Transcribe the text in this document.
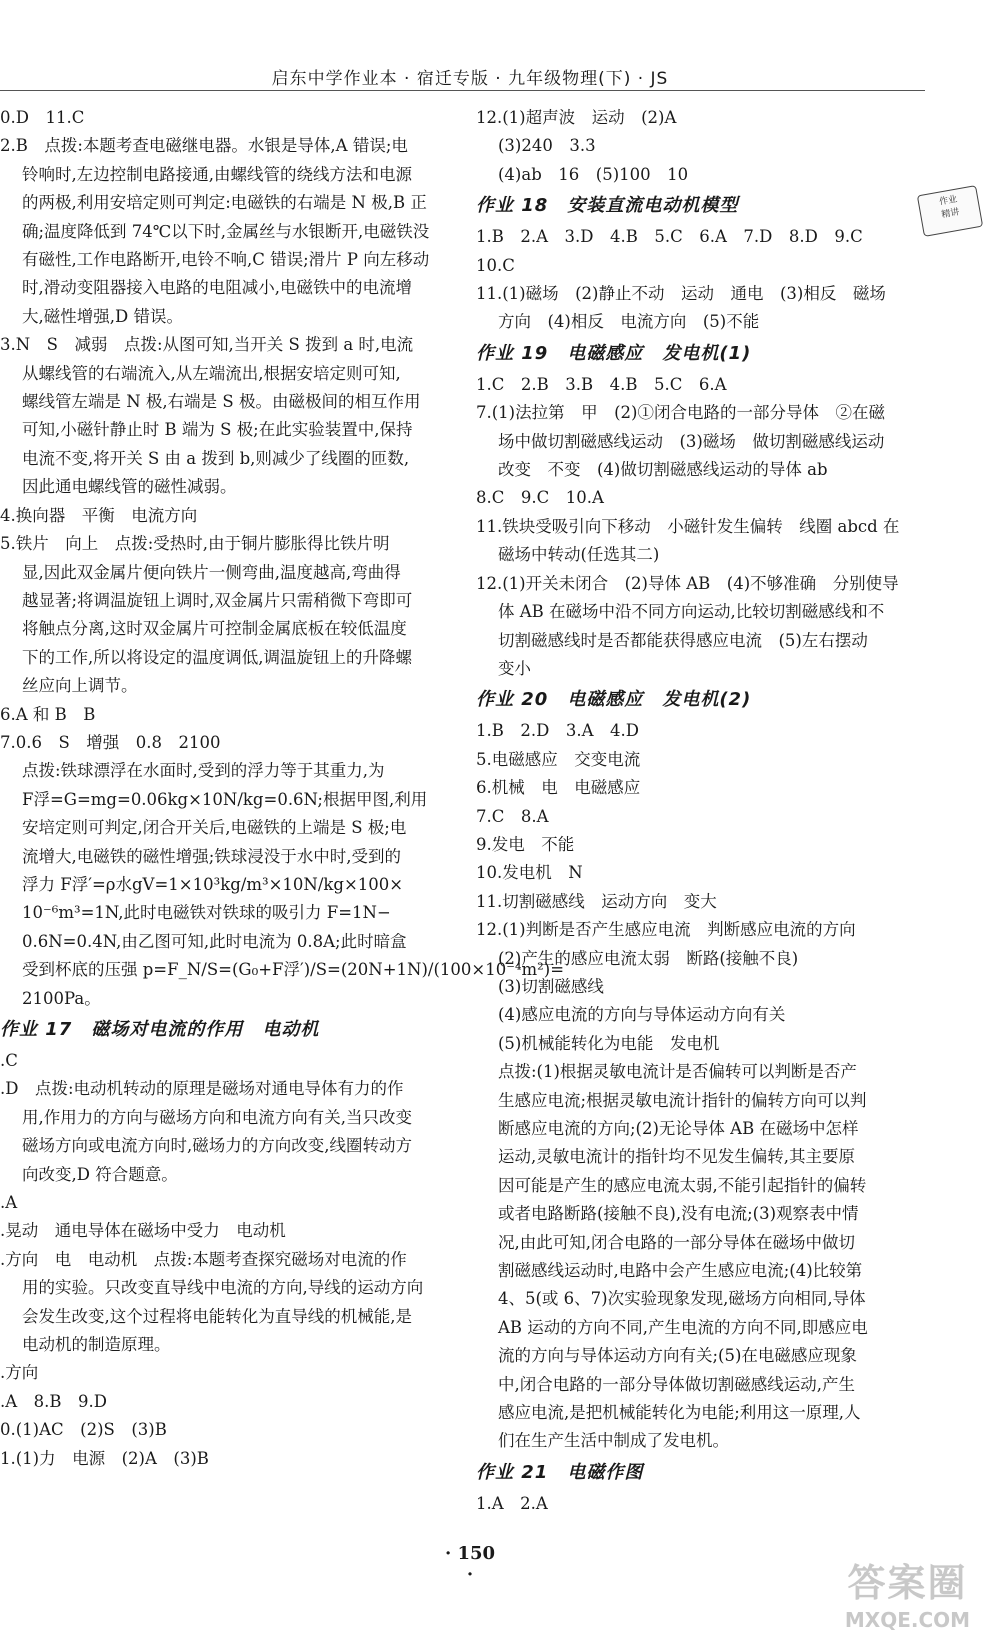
启东中学作业本 · 宿迁专版 · 九年级物理(下) · JS
0.D　11.C
2.B　点拨:本题考查电磁继电器。水银是导体,A 错误;电
铃响时,左边控制电路接通,由螺线管的绕线方法和电源
的两极,利用安培定则可判定:电磁铁的右端是 N 极,B 正
确;温度降低到 74℃以下时,金属丝与水银断开,电磁铁没
有磁性,工作电路断开,电铃不响,C 错误;滑片 P 向左移动
时,滑动变阻器接入电路的电阻减小,电磁铁中的电流增
大,磁性增强,D 错误。
3.N　S　减弱　点拨:从图可知,当开关 S 拨到 a 时,电流
从螺线管的右端流入,从左端流出,根据安培定则可知,
螺线管左端是 N 极,右端是 S 极。由磁极间的相互作用
可知,小磁针静止时 B 端为 S 极;在此实验装置中,保持
电流不变,将开关 S 由 a 拨到 b,则减少了线圈的匝数,
因此通电螺线管的磁性减弱。
4.换向器　平衡　电流方向
5.铁片　向上　点拨:受热时,由于铜片膨胀得比铁片明
显,因此双金属片便向铁片一侧弯曲,温度越高,弯曲得
越显著;将调温旋钮上调时,双金属片只需稍微下弯即可
将触点分离,这时双金属片可控制金属底板在较低温度
下的工作,所以将设定的温度调低,调温旋钮上的升降螺
丝应向上调节。
6.A 和 B　B
7.0.6　S　增强　0.8　2100
点拨:铁球漂浮在水面时,受到的浮力等于其重力,为
F浮=G=mg=0.06kg×10N/kg=0.6N;根据甲图,利用
安培定则可判定,闭合开关后,电磁铁的上端是 S 极;电
流增大,电磁铁的磁性增强;铁球浸没于水中时,受到的
浮力 F浮′=ρ水gV=1×10³kg/m³×10N/kg×100×
10⁻⁶m³=1N,此时电磁铁对铁球的吸引力 F=1N−
0.6N=0.4N,由乙图可知,此时电流为 0.8A;此时暗盒
受到杯底的压强 p=F_N/S=(G₀+F浮′)/S=(20N+1N)/(100×10⁻⁴m²)=
2100Pa。
作业 17　磁场对电流的作用　电动机
.C
.D　点拨:电动机转动的原理是磁场对通电导体有力的作
用,作用力的方向与磁场方向和电流方向有关,当只改变
磁场方向或电流方向时,磁场力的方向改变,线圈转动方
向改变,D 符合题意。
.A
.晃动　通电导体在磁场中受力　电动机
.方向　电　电动机　点拨:本题考查探究磁场对电流的作
用的实验。只改变直导线中电流的方向,导线的运动方向
会发生改变,这个过程将电能转化为直导线的机械能,是
电动机的制造原理。
.方向
.A　8.B　9.D
0.(1)AC　(2)S　(3)B
1.(1)力　电源　(2)A　(3)B
12.(1)超声波　运动　(2)A
(3)240　3.3
(4)ab　16　(5)100　10
作业 18　安装直流电动机模型
1.B　2.A　3.D　4.B　5.C　6.A　7.D　8.D　9.C
10.C
11.(1)磁场　(2)静止不动　运动　通电　(3)相反　磁场
方向　(4)相反　电流方向　(5)不能
作业 19　电磁感应　发电机(1)
1.C　2.B　3.B　4.B　5.C　6.A
7.(1)法拉第　甲　(2)①闭合电路的一部分导体　②在磁
场中做切割磁感线运动　(3)磁场　做切割磁感线运动
改变　不变　(4)做切割磁感线运动的导体 ab
8.C　9.C　10.A
11.铁块受吸引向下移动　小磁针发生偏转　线圈 abcd 在
磁场中转动(任选其二)
12.(1)开关未闭合　(2)导体 AB　(4)不够准确　分别使导
体 AB 在磁场中沿不同方向运动,比较切割磁感线和不
切割磁感线时是否都能获得感应电流　(5)左右摆动
变小
作业 20　电磁感应　发电机(2)
1.B　2.D　3.A　4.D
5.电磁感应　交变电流
6.机械　电　电磁感应
7.C　8.A
9.发电　不能
10.发电机　N
11.切割磁感线　运动方向　变大
12.(1)判断是否产生感应电流　判断感应电流的方向
(2)产生的感应电流太弱　断路(接触不良)
(3)切割磁感线
(4)感应电流的方向与导体运动方向有关
(5)机械能转化为电能　发电机
点拨:(1)根据灵敏电流计是否偏转可以判断是否产
生感应电流;根据灵敏电流计指针的偏转方向可以判
断感应电流的方向;(2)无论导体 AB 在磁场中怎样
运动,灵敏电流计的指针均不见发生偏转,其主要原
因可能是产生的感应电流太弱,不能引起指针的偏转
或者电路断路(接触不良),没有电流;(3)观察表中情
况,由此可知,闭合电路的一部分导体在磁场中做切
割磁感线运动时,电路中会产生感应电流;(4)比较第
4、5(或 6、7)次实验现象发现,磁场方向相同,导体
AB 运动的方向不同,产生电流的方向不同,即感应电
流的方向与导体运动方向有关;(5)在电磁感应现象
中,闭合电路的一部分导体做切割磁感线运动,产生
感应电流,是把机械能转化为电能;利用这一原理,人
们在生产生活中制成了发电机。
作业 21　电磁作图
1.A　2.A
作业
精讲
· 150 ·	答案圈
MXQE.COM
